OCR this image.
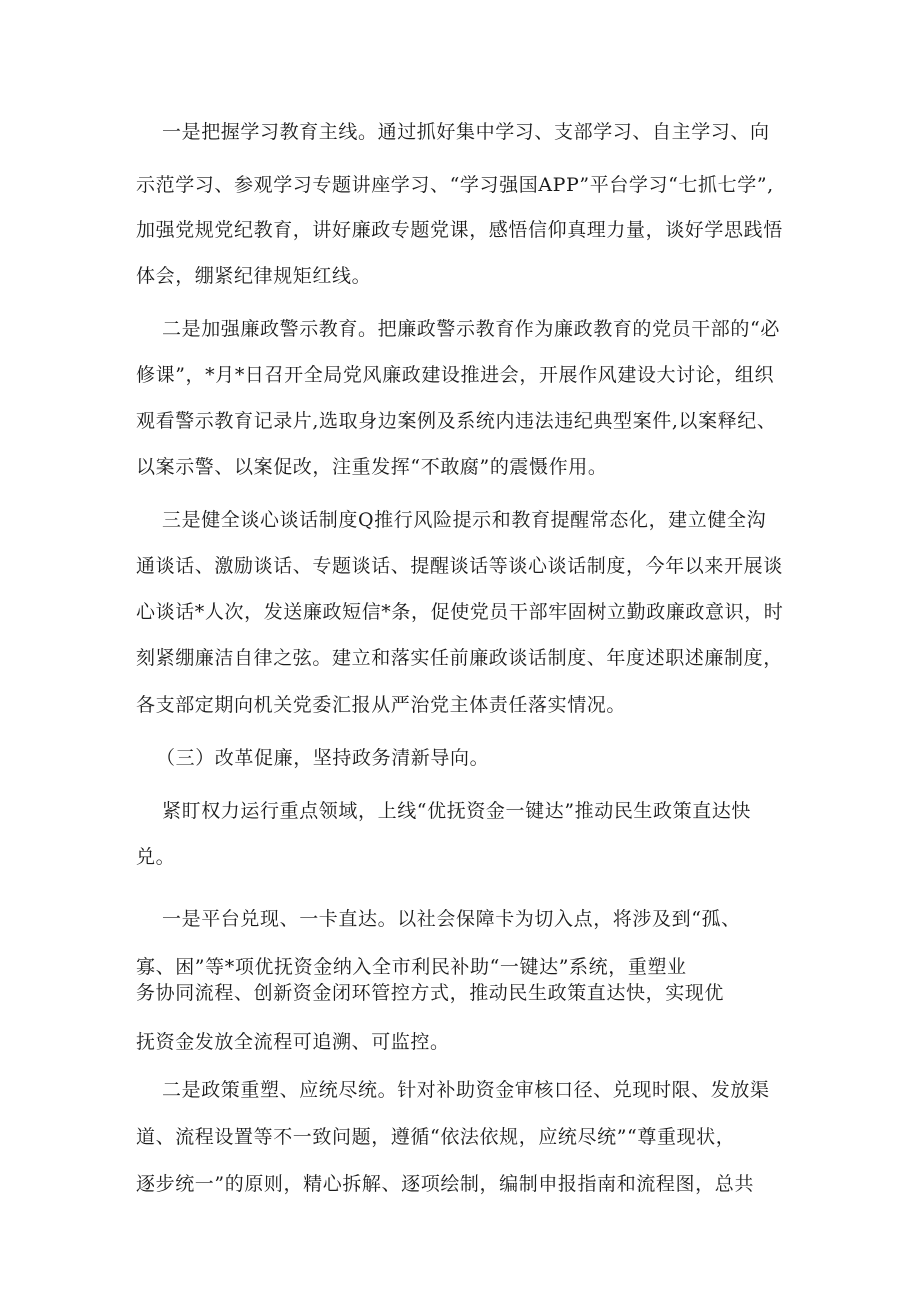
一是把握学习教育主线。通过抓好集中学习、支部学习、自主学习、向
示范学习、参观学习专题讲座学习、“学习强国APP”平台学习“七抓七学”,
加强党规党纪教育，讲好廉政专题党课，感悟信仰真理力量，谈好学思践悟
体会，绷紧纪律规矩红线。
二是加强廉政警示教育。把廉政警示教育作为廉政教育的党员干部的“必
修课”，*月*日召开全局党风廉政建设推进会，开展作风建设大讨论，组织
观看警示教育记录片,选取身边案例及系统内违法违纪典型案件,以案释纪、
以案示警、以案促改，注重发挥“不敢腐”的震慑作用。
三是健全谈心谈话制度Q推行风险提示和教育提醒常态化，建立健全沟
通谈话、激励谈话、专题谈话、提醒谈话等谈心谈话制度，今年以来开展谈
心谈话*人次，发送廉政短信*条，促使党员干部牢固树立勤政廉政意识，时
刻紧绷廉洁自律之弦。建立和落实任前廉政谈话制度、年度述职述廉制度，
各支部定期向机关党委汇报从严治党主体责任落实情况。
（三）改革促廉，坚持政务清新导向。
紧盯权力运行重点领域，上线“优抚资金一键达”推动民生政策直达快
兑。
一是平台兑现、一卡直达。以社会保障卡为切入点，将涉及到“孤、
寡、困”等*项优抚资金纳入全市利民补助“一键达”系统，重塑业
务协同流程、创新资金闭环管控方式，推动民生政策直达快，实现优
抚资金发放全流程可追溯、可监控。
二是政策重塑、应统尽统。针对补助资金审核口径、兑现时限、发放渠
道、流程设置等不一致问题，遵循“依法依规，应统尽统”“尊重现状，
逐步统一”的原则，精心拆解、逐项绘制，编制申报指南和流程图，总共
